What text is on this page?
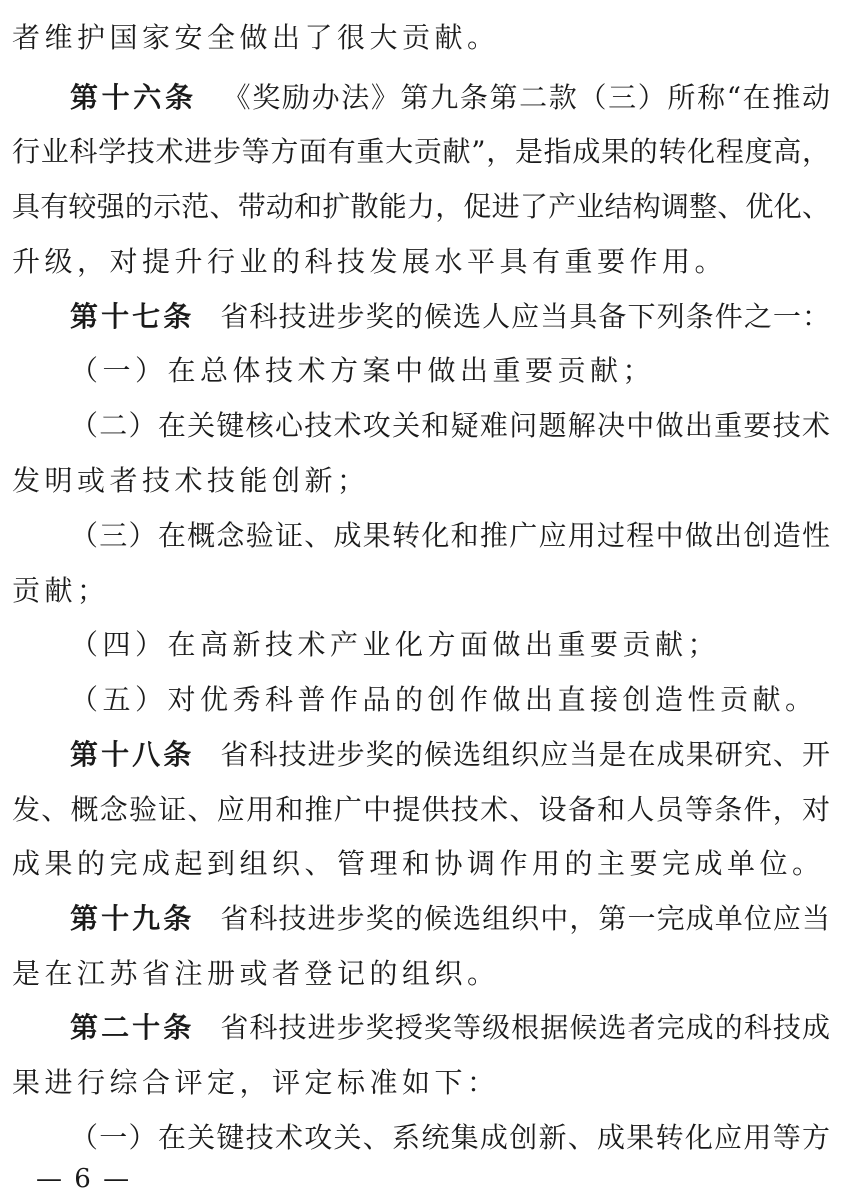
者维护国家安全做出了很大贡献。
第十六条 《奖励办法》第九条第二款（三）所称“在推动
行业科学技术进步等方面有重大贡献”，是指成果的转化程度高，
具有较强的示范、带动和扩散能力，促进了产业结构调整、优化、
升级，对提升行业的科技发展水平具有重要作用。
第十七条 省科技进步奖的候选人应当具备下列条件之一：
（一）在总体技术方案中做出重要贡献；
（二）在关键核心技术攻关和疑难问题解决中做出重要技术
发明或者技术技能创新；
（三）在概念验证、成果转化和推广应用过程中做出创造性
贡献；
（四）在高新技术产业化方面做出重要贡献；
（五）对优秀科普作品的创作做出直接创造性贡献。
第十八条 省科技进步奖的候选组织应当是在成果研究、开
发、概念验证、应用和推广中提供技术、设备和人员等条件，对
成果的完成起到组织、管理和协调作用的主要完成单位。
第十九条 省科技进步奖的候选组织中，第一完成单位应当
是在江苏省注册或者登记的组织。
第二十条 省科技进步奖授奖等级根据候选者完成的科技成
果进行综合评定，评定标准如下：
（一）在关键技术攻关、系统集成创新、成果转化应用等方
— 6 —
